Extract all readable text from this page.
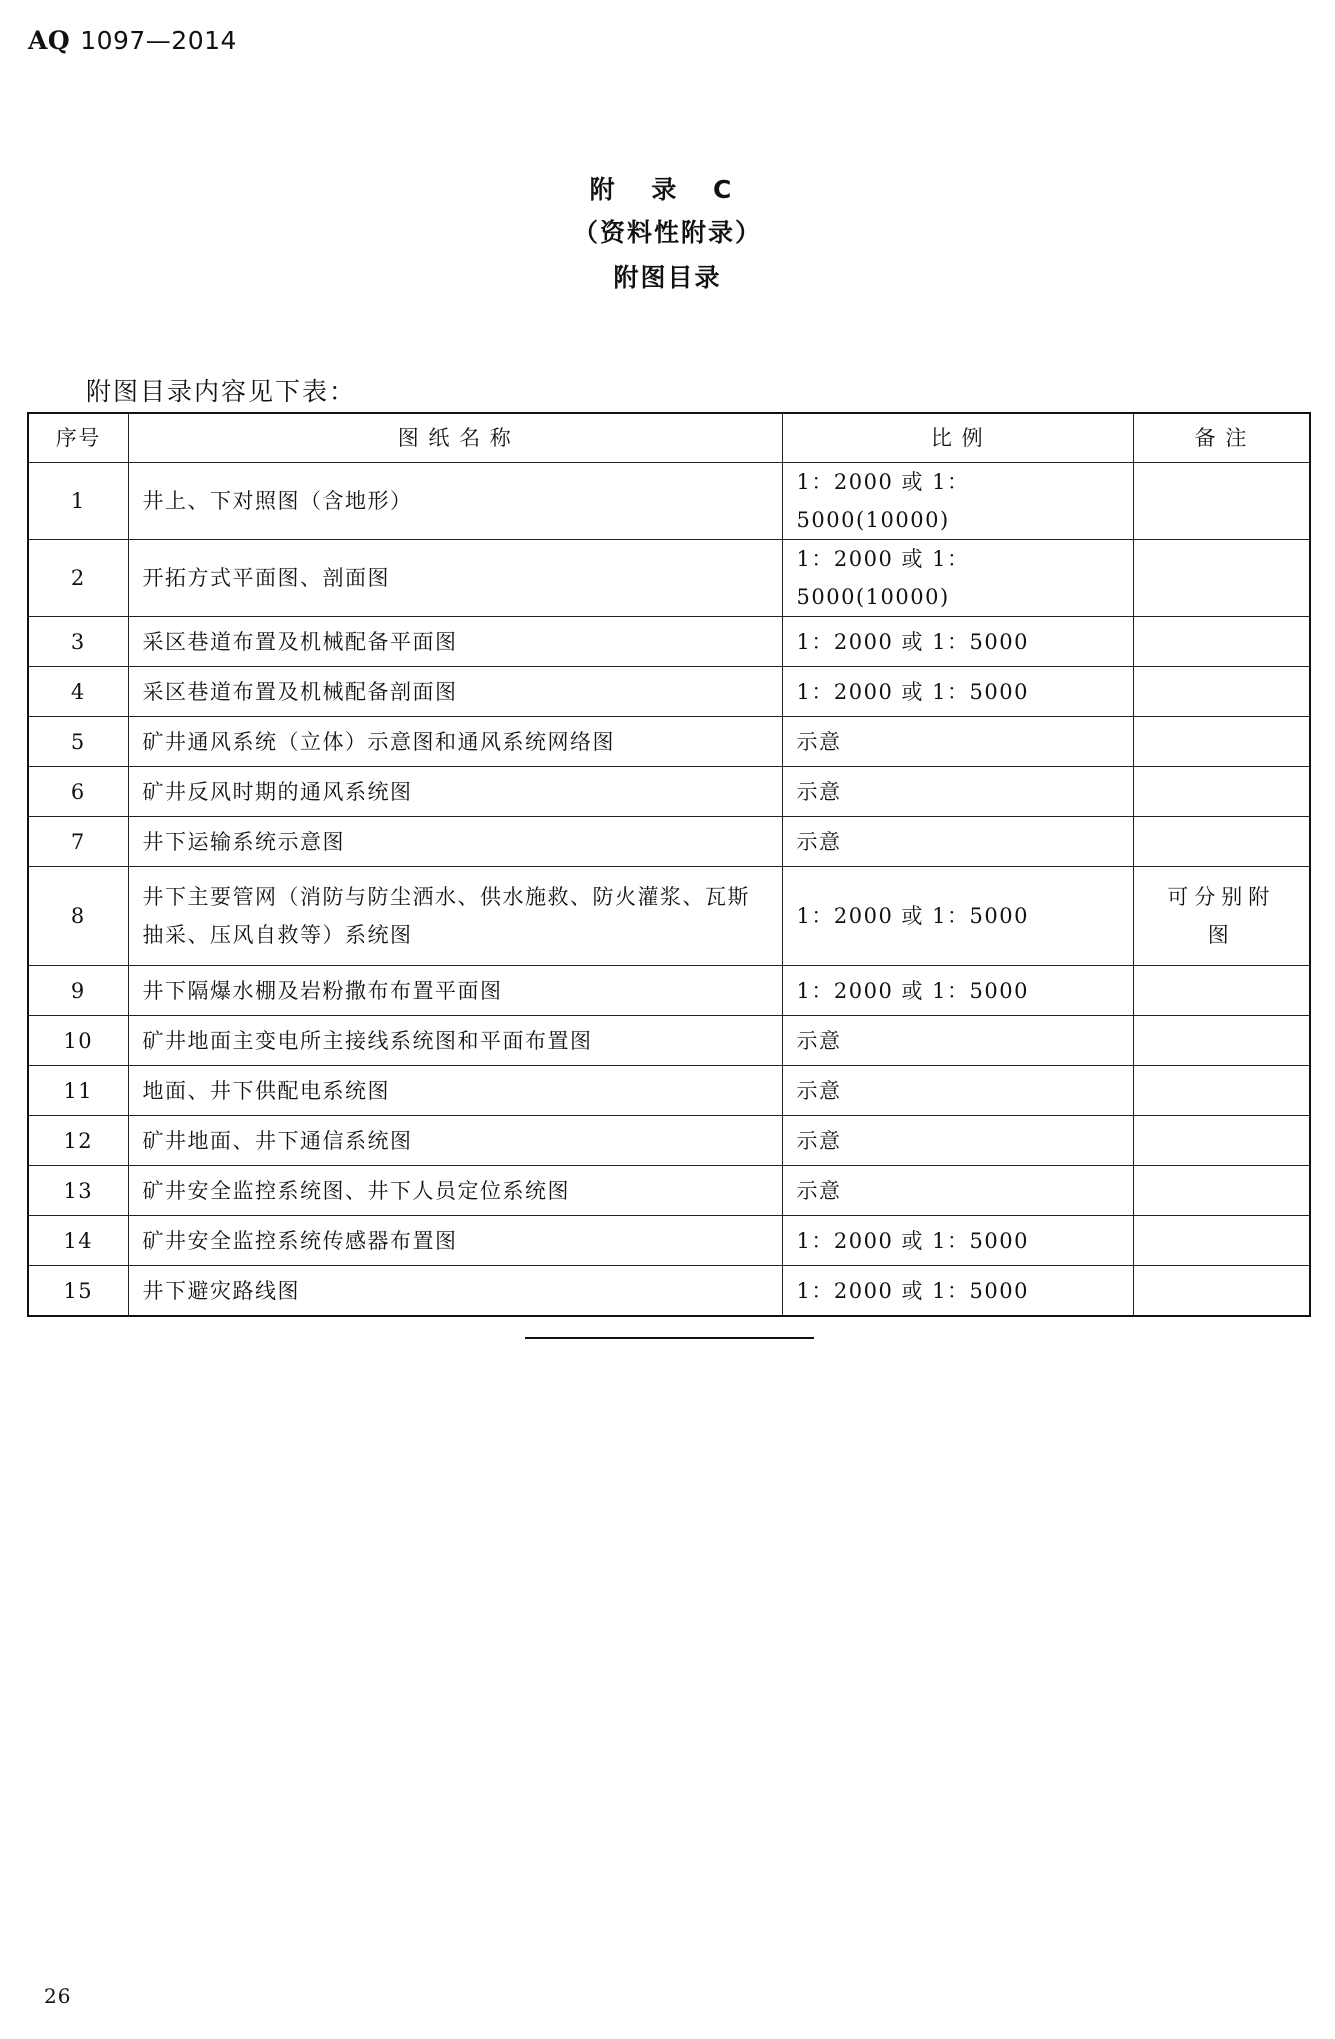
AQ 1097—2014
附 录 C
（资料性附录）
附图目录
附图目录内容见下表：
序号	图 纸 名 称	比 例	备 注
1	井上、下对照图（含地形）	1：2000 或 1：5000(10000)	
2	开拓方式平面图、剖面图	1：2000 或 1：5000(10000)	
3	采区巷道布置及机械配备平面图	1：2000 或 1：5000	
4	采区巷道布置及机械配备剖面图	1：2000 或 1：5000	
5	矿井通风系统（立体）示意图和通风系统网络图	示意	
6	矿井反风时期的通风系统图	示意	
7	井下运输系统示意图	示意	
8	井下主要管网（消防与防尘洒水、供水施救、防火灌浆、瓦斯抽采、压风自救等）系统图	1：2000 或 1：5000	可分别附 图
9	井下隔爆水棚及岩粉撒布布置平面图	1：2000 或 1：5000	
10	矿井地面主变电所主接线系统图和平面布置图	示意	
11	地面、井下供配电系统图	示意	
12	矿井地面、井下通信系统图	示意	
13	矿井安全监控系统图、井下人员定位系统图	示意	
14	矿井安全监控系统传感器布置图	1：2000 或 1：5000	
15	井下避灾路线图	1：2000 或 1：5000	
26
